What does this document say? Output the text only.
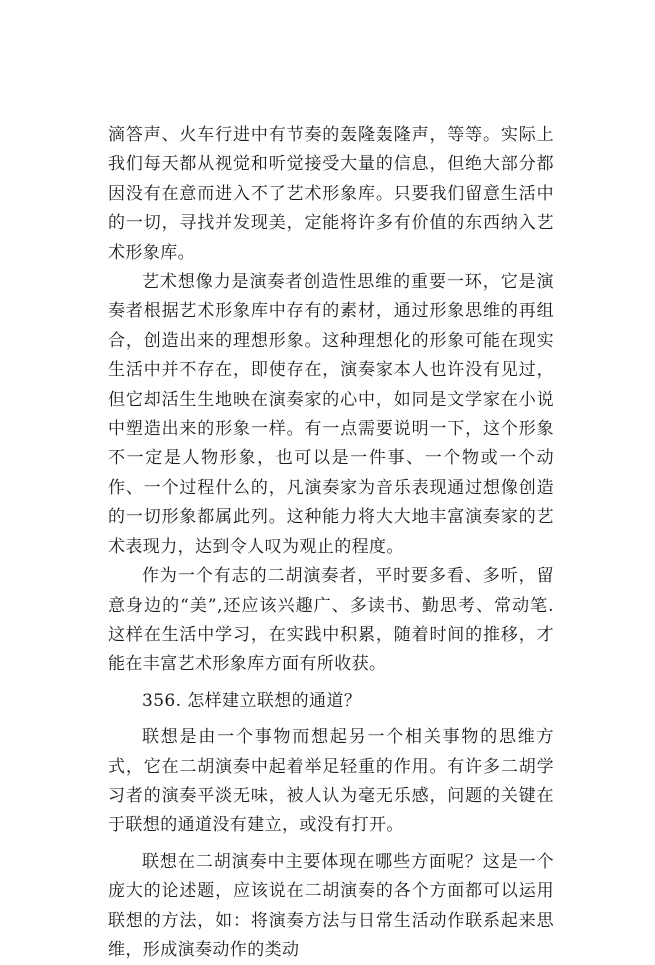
滴答声、火车行进中有节奏的轰隆轰隆声，等等。实际上我们每天都从视觉和听觉接受大量的信息，但绝大部分都因没有在意而进入不了艺术形象库。只要我们留意生活中的一切，寻找并发现美，定能将许多有价值的东西纳入艺术形象库。

艺术想像力是演奏者创造性思维的重要一环，它是演奏者根据艺术形象库中存有的素材，通过形象思维的再组合，创造出来的理想形象。这种理想化的形象可能在现实生活中并不存在，即使存在，演奏家本人也许没有见过，但它却活生生地映在演奏家的心中，如同是文学家在小说中塑造出来的形象一样。有一点需要说明一下，这个形象不一定是人物形象，也可以是一件事、一个物或一个动作、一个过程什么的，凡演奏家为音乐表现通过想像创造的一切形象都属此列。这种能力将大大地丰富演奏家的艺术表现力，达到令人叹为观止的程度。

作为一个有志的二胡演奏者，平时要多看、多听，留意身边的“美”,还应该兴趣广、多读书、勤思考、常动笔.这样在生活中学习，在实践中积累，随着时间的推移，才能在丰富艺术形象库方面有所收获。

356. 怎样建立联想的通道？

联想是由一个事物而想起另一个相关事物的思维方式，它在二胡演奏中起着举足轻重的作用。有许多二胡学习者的演奏平淡无味，被人认为毫无乐感，问题的关键在于联想的通道没有建立，或没有打开。

联想在二胡演奏中主要体现在哪些方面呢？这是一个庞大的论述题，应该说在二胡演奏的各个方面都可以运用联想的方法，如：将演奏方法与日常生活动作联系起来思维，形成演奏动作的类动
